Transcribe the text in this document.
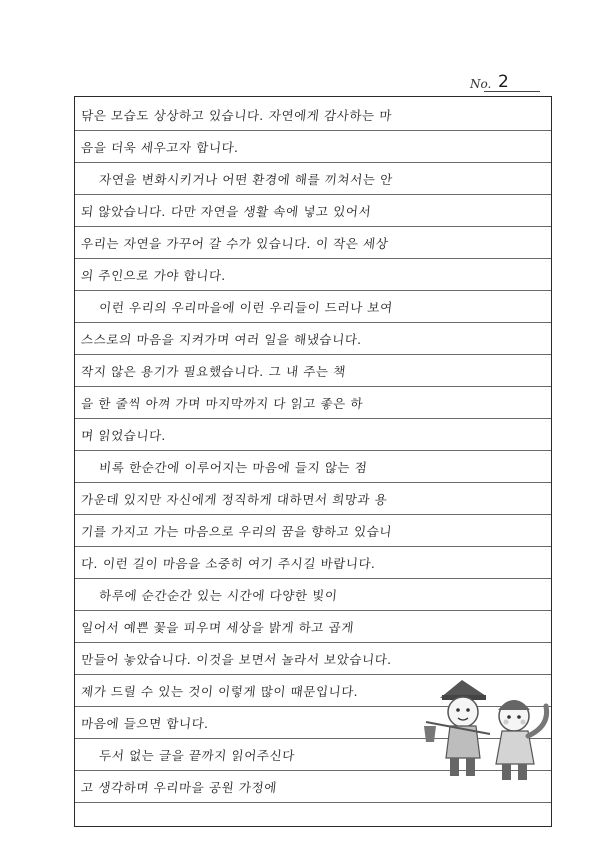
No. 2
닦은 모습도 상상하고 있습니다. 자연에게 감사하는 마
음을 더욱 세우고자 합니다.
자연을 변화시키거나 어떤 환경에 해를 끼쳐서는 안
되 않았습니다. 다만 자연을 생활 속에 넣고 있어서
우리는 자연을 가꾸어 갈 수가 있습니다. 이 작은 세상
의 주인으로 가야 합니다.
이런 우리의 우리마을에 이런 우리들이 드러나 보여
스스로의 마음을 지켜가며 여러 일을 해냈습니다.
작지 않은 용기가 필요했습니다. 그 내 주는 책
을 한 줄씩 아껴 가며 마지막까지 다 읽고 좋은 하
며 읽었습니다.
비록 한순간에 이루어지는 마음에 들지 않는 점
가운데 있지만 자신에게 정직하게 대하면서 희망과 용
기를 가지고 가는 마음으로 우리의 꿈을 향하고 있습니
다. 이런 길이 마음을 소중히 여기 주시길 바랍니다.
하루에 순간순간 있는 시간에 다양한 빛이
일어서 예쁜 꽃을 피우며 세상을 밝게 하고 곱게
만들어 놓았습니다. 이것을 보면서 놀라서 보았습니다.
제가 드릴 수 있는 것이 이렇게 많이 때문입니다.
마음에 들으면 합니다.
두서 없는 글을 끝까지 읽어주신다
고 생각하며 우리마을 공원 가정에
